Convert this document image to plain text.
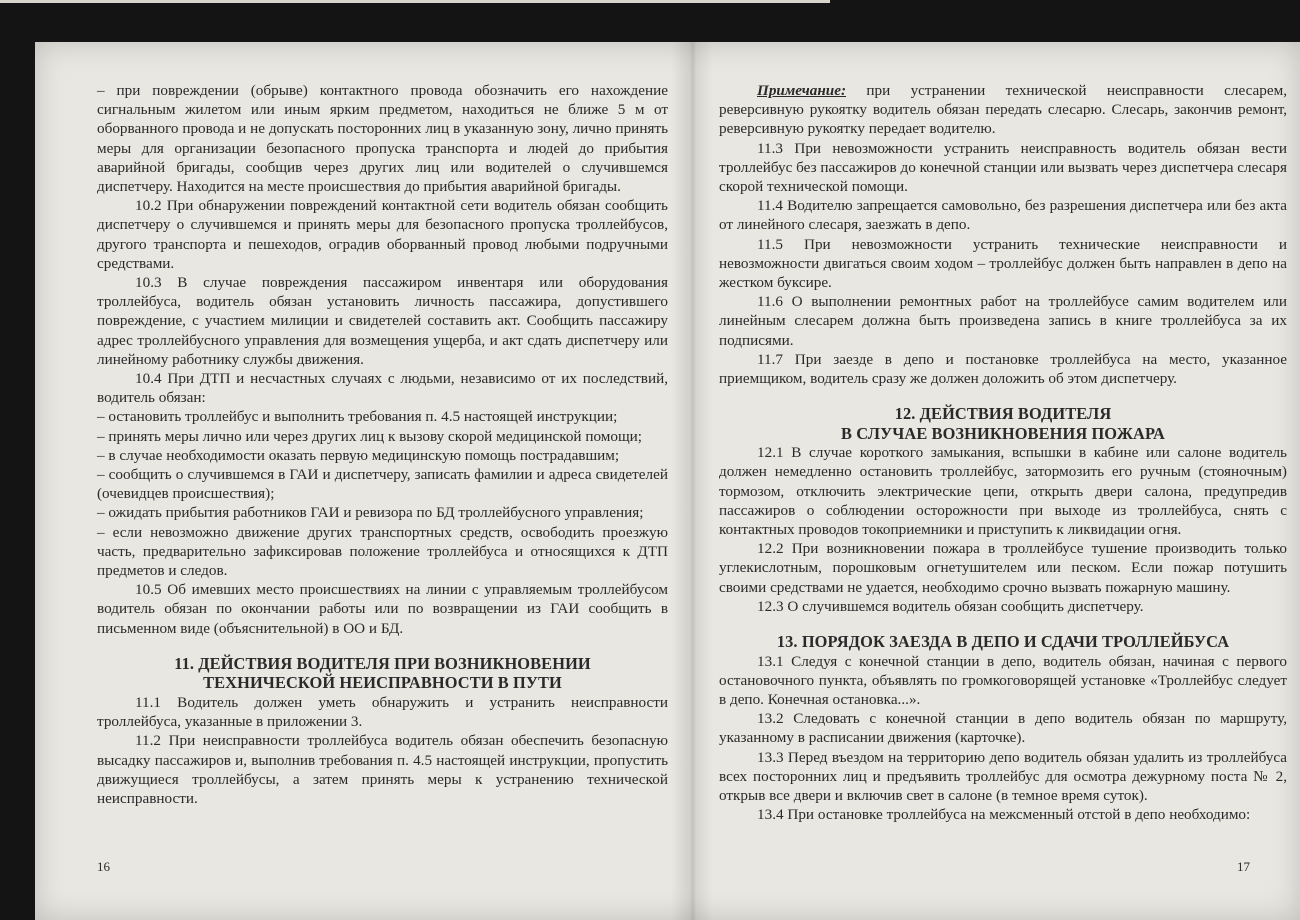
– при повреждении (обрыве) контактного провода обозначить его нахождение сигнальным жилетом или иным ярким предметом, находиться не ближе 5 м от оборванного провода и не допускать посторонних лиц в указанную зону, лично принять меры для организации безопасного пропуска транспорта и людей до прибытия аварийной бригады, сообщив через других лиц или водителей о случившемся диспетчеру. Находится на месте происшествия до прибытия аварийной бригады.

10.2 При обнаружении повреждений контактной сети водитель обязан сообщить диспетчеру о случившемся и принять меры для безопасного пропуска троллейбусов, другого транспорта и пешеходов, оградив оборванный провод любыми подручными средствами.

10.3 В случае повреждения пассажиром инвентаря или оборудования троллейбуса, водитель обязан установить личность пассажира, допустившего повреждение, с участием милиции и свидетелей составить акт. Сообщить пассажиру адрес троллейбусного управления для возмещения ущерба, и акт сдать диспетчеру или линейному работнику службы движения.

10.4 При ДТП и несчастных случаях с людьми, независимо от их последствий, водитель обязан:

– остановить троллейбус и выполнить требования п. 4.5 настоящей инструкции;

– принять меры лично или через других лиц к вызову скорой медицинской помощи;

– в случае необходимости оказать первую медицинскую помощь пострадавшим;

– сообщить о случившемся в ГАИ и диспетчеру, записать фамилии и адреса свидетелей (очевидцев происшествия);

– ожидать прибытия работников ГАИ и ревизора по БД троллейбусного управления;

– если невозможно движение других транспортных средств, освободить проезжую часть, предварительно зафиксировав положение троллейбуса и относящихся к ДТП предметов и следов.

10.5 Об имевших место происшествиях на линии с управляемым троллейбусом водитель обязан по окончании работы или по возвращении из ГАИ сообщить в письменном виде (объяснительной) в ОО и БД.

11. ДЕЙСТВИЯ ВОДИТЕЛЯ ПРИ ВОЗНИКНОВЕНИИ
ТЕХНИЧЕСКОЙ НЕИСПРАВНОСТИ В ПУТИ

11.1 Водитель должен уметь обнаружить и устранить неисправности троллейбуса, указанные в приложении 3.

11.2 При неисправности троллейбуса водитель обязан обеспечить безопасную высадку пассажиров и, выполнив требования п. 4.5 настоящей инструкции, пропустить движущиеся троллейбусы, а затем принять меры к устранению технической неисправности.

16

Примечание: при устранении технической неисправности слесарем, реверсивную рукоятку водитель обязан передать слесарю. Слесарь, закончив ремонт, реверсивную рукоятку передает водителю.

11.3 При невозможности устранить неисправность водитель обязан вести троллейбус без пассажиров до конечной станции или вызвать через диспетчера слесаря скорой технической помощи.

11.4 Водителю запрещается самовольно, без разрешения диспетчера или без акта от линейного слесаря, заезжать в депо.

11.5 При невозможности устранить технические неисправности и невозможности двигаться своим ходом – троллейбус должен быть направлен в депо на жестком буксире.

11.6 О выполнении ремонтных работ на троллейбусе самим водителем или линейным слесарем должна быть произведена запись в книге троллейбуса за их подписями.

11.7 При заезде в депо и постановке троллейбуса на место, указанное приемщиком, водитель сразу же должен доложить об этом диспетчеру.

12. ДЕЙСТВИЯ ВОДИТЕЛЯ
В СЛУЧАЕ ВОЗНИКНОВЕНИЯ ПОЖАРА

12.1 В случае короткого замыкания, вспышки в кабине или салоне водитель должен немедленно остановить троллейбус, затормозить его ручным (стояночным) тормозом, отключить электрические цепи, открыть двери салона, предупредив пассажиров о соблюдении осторожности при выходе из троллейбуса, снять с контактных проводов токоприемники и приступить к ликвидации огня.

12.2 При возникновении пожара в троллейбусе тушение производить только углекислотным, порошковым огнетушителем или песком. Если пожар потушить своими средствами не удается, необходимо срочно вызвать пожарную машину.

12.3 О случившемся водитель обязан сообщить диспетчеру.

13. ПОРЯДОК ЗАЕЗДА В ДЕПО И СДАЧИ ТРОЛЛЕЙБУСА

13.1 Следуя с конечной станции в депо, водитель обязан, начиная с первого остановочного пункта, объявлять по громкоговорящей установке «Троллейбус следует в депо. Конечная остановка...».

13.2 Следовать с конечной станции в депо водитель обязан по маршруту, указанному в расписании движения (карточке).

13.3 Перед въездом на территорию депо водитель обязан удалить из троллейбуса всех посторонних лиц и предъявить троллейбус для осмотра дежурному поста № 2, открыв все двери и включив свет в салоне (в темное время суток).

13.4 При остановке троллейбуса на межсменный отстой в депо необходимо:

17
